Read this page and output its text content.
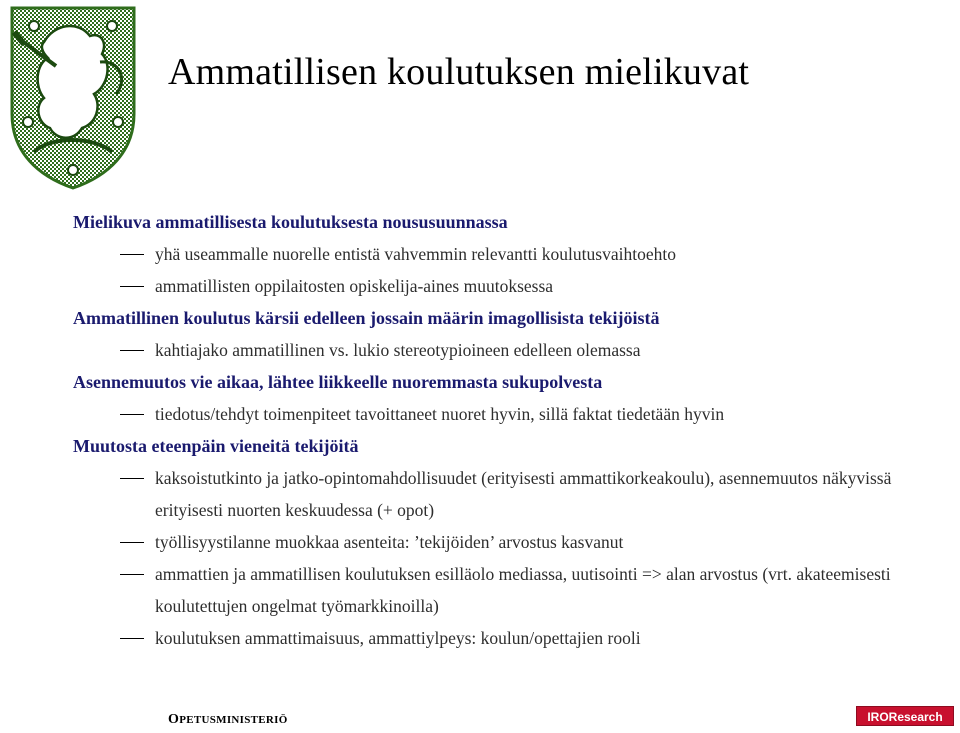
Ammatillisen koulutuksen mielikuvat
Mielikuva ammatillisesta koulutuksesta noususuunnassa
yhä useammalle nuorelle entistä vahvemmin relevantti koulutusvaihtoehto
ammatillisten oppilaitosten opiskelija-aines muutoksessa
Ammatillinen koulutus kärsii edelleen jossain määrin imagollisista tekijöistä
kahtiajako ammatillinen vs. lukio stereotypioineen edelleen olemassa
Asennemuutos vie aikaa, lähtee liikkeelle nuoremmasta sukupolvesta
tiedotus/tehdyt toimenpiteet tavoittaneet nuoret hyvin, sillä faktat tiedetään hyvin
Muutosta eteenpäin vieneitä tekijöitä
kaksoistutkinto ja jatko-opintomahdollisuudet (erityisesti ammattikorkeakoulu), asennemuutos näkyvissä erityisesti nuorten keskuudessa (+ opot)
työllisyystilanne muokkaa asenteita: ’tekijöiden’ arvostus kasvanut
ammattien ja ammatillisen koulutuksen esilläolo mediassa, uutisointi => alan arvostus (vrt. akateemisesti koulutettujen ongelmat työmarkkinoilla)
koulutuksen ammattimaisuus, ammattiylpeys: koulun/opettajien rooli
OPETUSMINISTERIÖ	IROResearch
